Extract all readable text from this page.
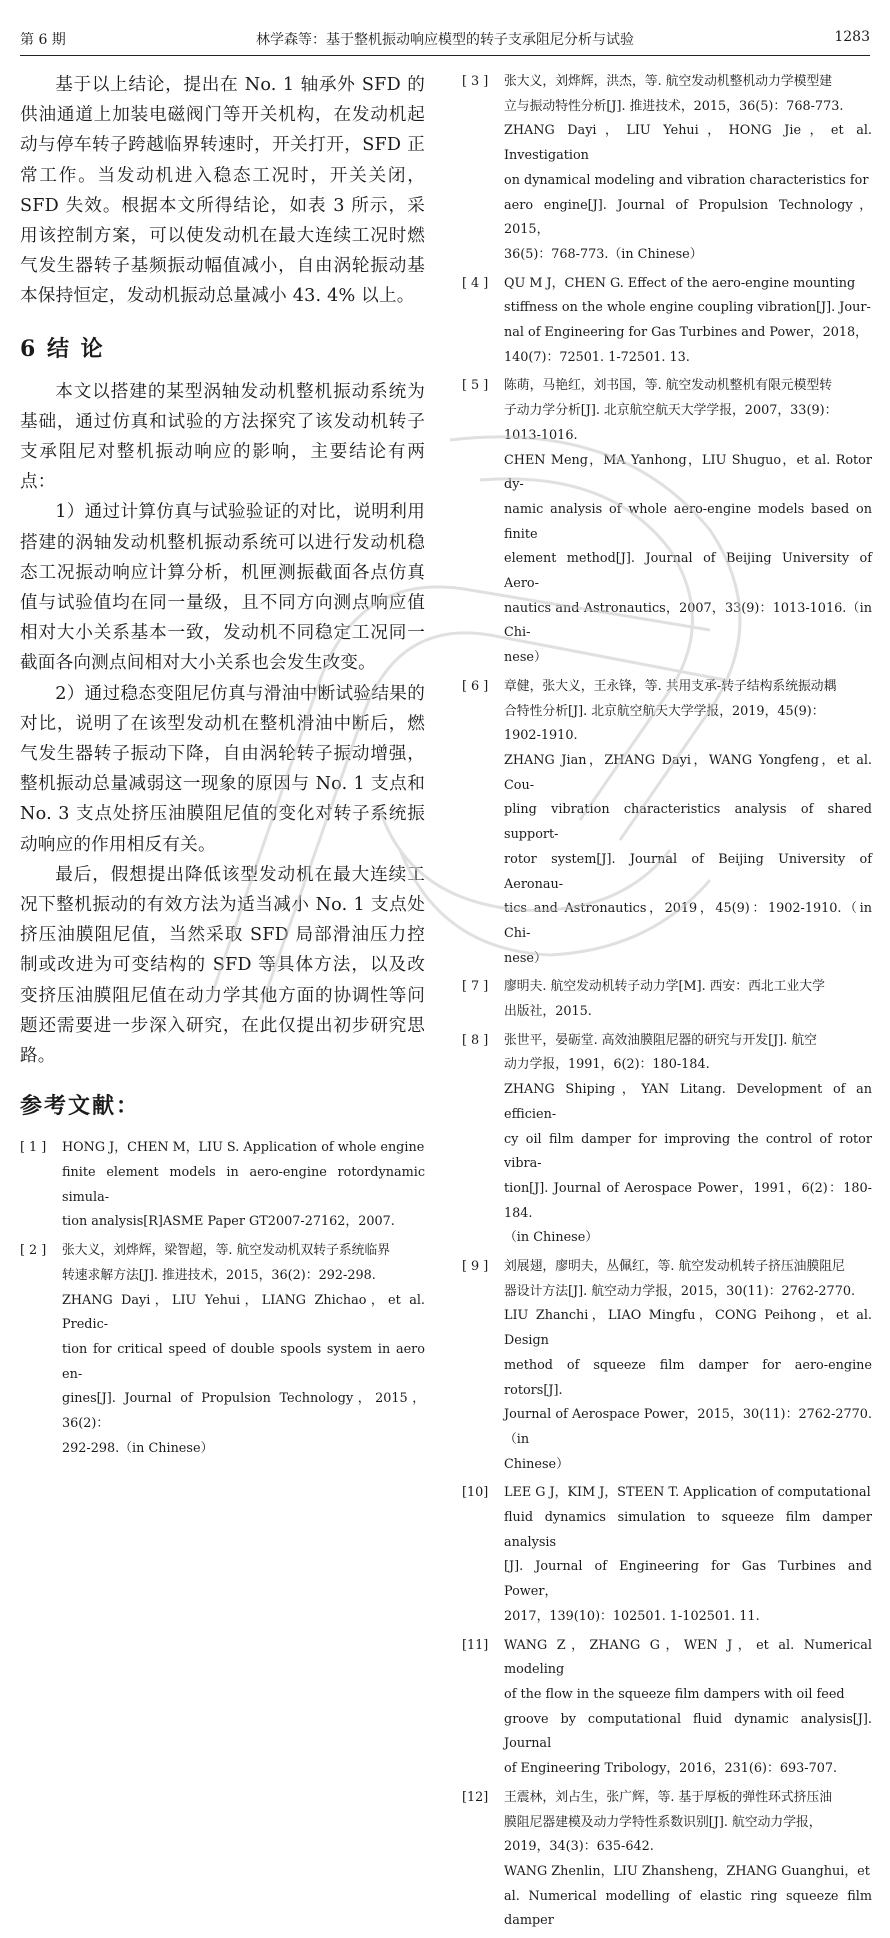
第 6 期	林学森等：基于整机振动响应模型的转子支承阻尼分析与试验	1283

基于以上结论，提出在 No. 1 轴承外 SFD 的供油通道上加装电磁阀门等开关机构，在发动机起动与停车转子跨越临界转速时，开关打开，SFD 正常工作。当发动机进入稳态工况时，开关关闭，SFD 失效。根据本文所得结论，如表 3 所示，采用该控制方案，可以使发动机在最大连续工况时燃气发生器转子基频振动幅值减小，自由涡轮振动基本保持恒定，发动机振动总量减小 43. 4% 以上。

6 结 论

本文以搭建的某型涡轴发动机整机振动系统为基础，通过仿真和试验的方法探究了该发动机转子支承阻尼对整机振动响应的影响，主要结论有两点：

1）通过计算仿真与试验验证的对比，说明利用搭建的涡轴发动机整机振动系统可以进行发动机稳态工况振动响应计算分析，机匣测振截面各点仿真值与试验值均在同一量级，且不同方向测点响应值相对大小关系基本一致，发动机不同稳定工况同一截面各向测点间相对大小关系也会发生改变。

2）通过稳态变阻尼仿真与滑油中断试验结果的对比，说明了在该型发动机在整机滑油中断后，燃气发生器转子振动下降，自由涡轮转子振动增强，整机振动总量减弱这一现象的原因与 No. 1 支点和 No. 3 支点处挤压油膜阻尼值的变化对转子系统振动响应的作用相反有关。

最后，假想提出降低该型发动机在最大连续工况下整机振动的有效方法为适当减小 No. 1 支点处挤压油膜阻尼值，当然采取 SFD 局部滑油压力控制或改进为可变结构的 SFD 等具体方法，以及改变挤压油膜阻尼值在动力学其他方面的协调性等问题还需要进一步深入研究，在此仅提出初步研究思路。

参考文献：
[ 1 ] HONG J，CHEN M，LIU S. Application of whole engine
finite element models in aero-engine rotordynamic simula-
tion analysis[R]ASME Paper GT2007-27162，2007.
[ 2 ] 张大义，刘烨辉，梁智超，等. 航空发动机双转子系统临界
转速求解方法[J]. 推进技术，2015，36(2)：292-298.
ZHANG Dayi，LIU Yehui，LIANG Zhichao，et al. Predic-
tion for critical speed of double spools system in aero en-
gines[J]. Journal of Propulsion Technology，2015，36(2)：
292-298.（in Chinese）
[ 3 ] 张大义，刘烨辉，洪杰，等. 航空发动机整机动力学模型建
立与振动特性分析[J]. 推进技术，2015，36(5)：768-773.
ZHANG Dayi，LIU Yehui，HONG Jie，et al. Investigation
on dynamical modeling and vibration characteristics for
aero engine[J]. Journal of Propulsion Technology，2015，
36(5)：768-773.（in Chinese）
[ 4 ] QU M J，CHEN G. Effect of the aero-engine mounting
stiffness on the whole engine coupling vibration[J]. Jour-
nal of Engineering for Gas Turbines and Power，2018，
140(7)：72501. 1-72501. 13.
[ 5 ] 陈萌，马艳红，刘书国，等. 航空发动机整机有限元模型转
子动力学分析[J]. 北京航空航天大学学报，2007，33(9)：
1013-1016.
CHEN Meng，MA Yanhong，LIU Shuguo，et al. Rotor dy-
namic analysis of whole aero-engine models based on finite
element method[J]. Journal of Beijing University of Aero-
nautics and Astronautics，2007，33(9)：1013-1016.（in Chi-
nese）
[ 6 ] 章健，张大义，王永锋，等. 共用支承-转子结构系统振动耦
合特性分析[J]. 北京航空航天大学学报，2019，45(9)：
1902-1910.
ZHANG Jian，ZHANG Dayi，WANG Yongfeng，et al. Cou-
pling vibration characteristics analysis of shared support-
rotor system[J]. Journal of Beijing University of Aeronau-
tics and Astronautics，2019，45(9)：1902-1910.（in Chi-
nese）
[ 7 ] 廖明夫. 航空发动机转子动力学[M]. 西安：西北工业大学
出版社，2015.
[ 8 ] 张世平，晏砺堂. 高效油膜阻尼器的研究与开发[J]. 航空
动力学报，1991，6(2)：180-184.
ZHANG Shiping，YAN Litang. Development of an efficien-
cy oil film damper for improving the control of rotor vibra-
tion[J]. Journal of Aerospace Power，1991，6(2)：180-184.
（in Chinese）
[ 9 ] 刘展翅，廖明夫，丛佩红，等. 航空发动机转子挤压油膜阻尼
器设计方法[J]. 航空动力学报，2015，30(11)：2762-2770.
LIU Zhanchi，LIAO Mingfu，CONG Peihong，et al. Design
method of squeeze film damper for aero-engine rotors[J].
Journal of Aerospace Power，2015，30(11)：2762-2770.（in
Chinese）
[10] LEE G J，KIM J，STEEN T. Application of computational
fluid dynamics simulation to squeeze film damper analysis
[J]. Journal of Engineering for Gas Turbines and Power，
2017，139(10)：102501. 1-102501. 11.
[11] WANG Z，ZHANG G，WEN J，et al. Numerical modeling
of the flow in the squeeze film dampers with oil feed
groove by computational fluid dynamic analysis[J]. Journal
of Engineering Tribology，2016，231(6)：693-707.
[12] 王震林，刘占生，张广辉，等. 基于厚板的弹性环式挤压油
膜阻尼器建模及动力学特性系数识别[J]. 航空动力学报，
2019，34(3)：635-642.
WANG Zhenlin，LIU Zhansheng，ZHANG Guanghui，et
al. Numerical modelling of elastic ring squeeze film damper
